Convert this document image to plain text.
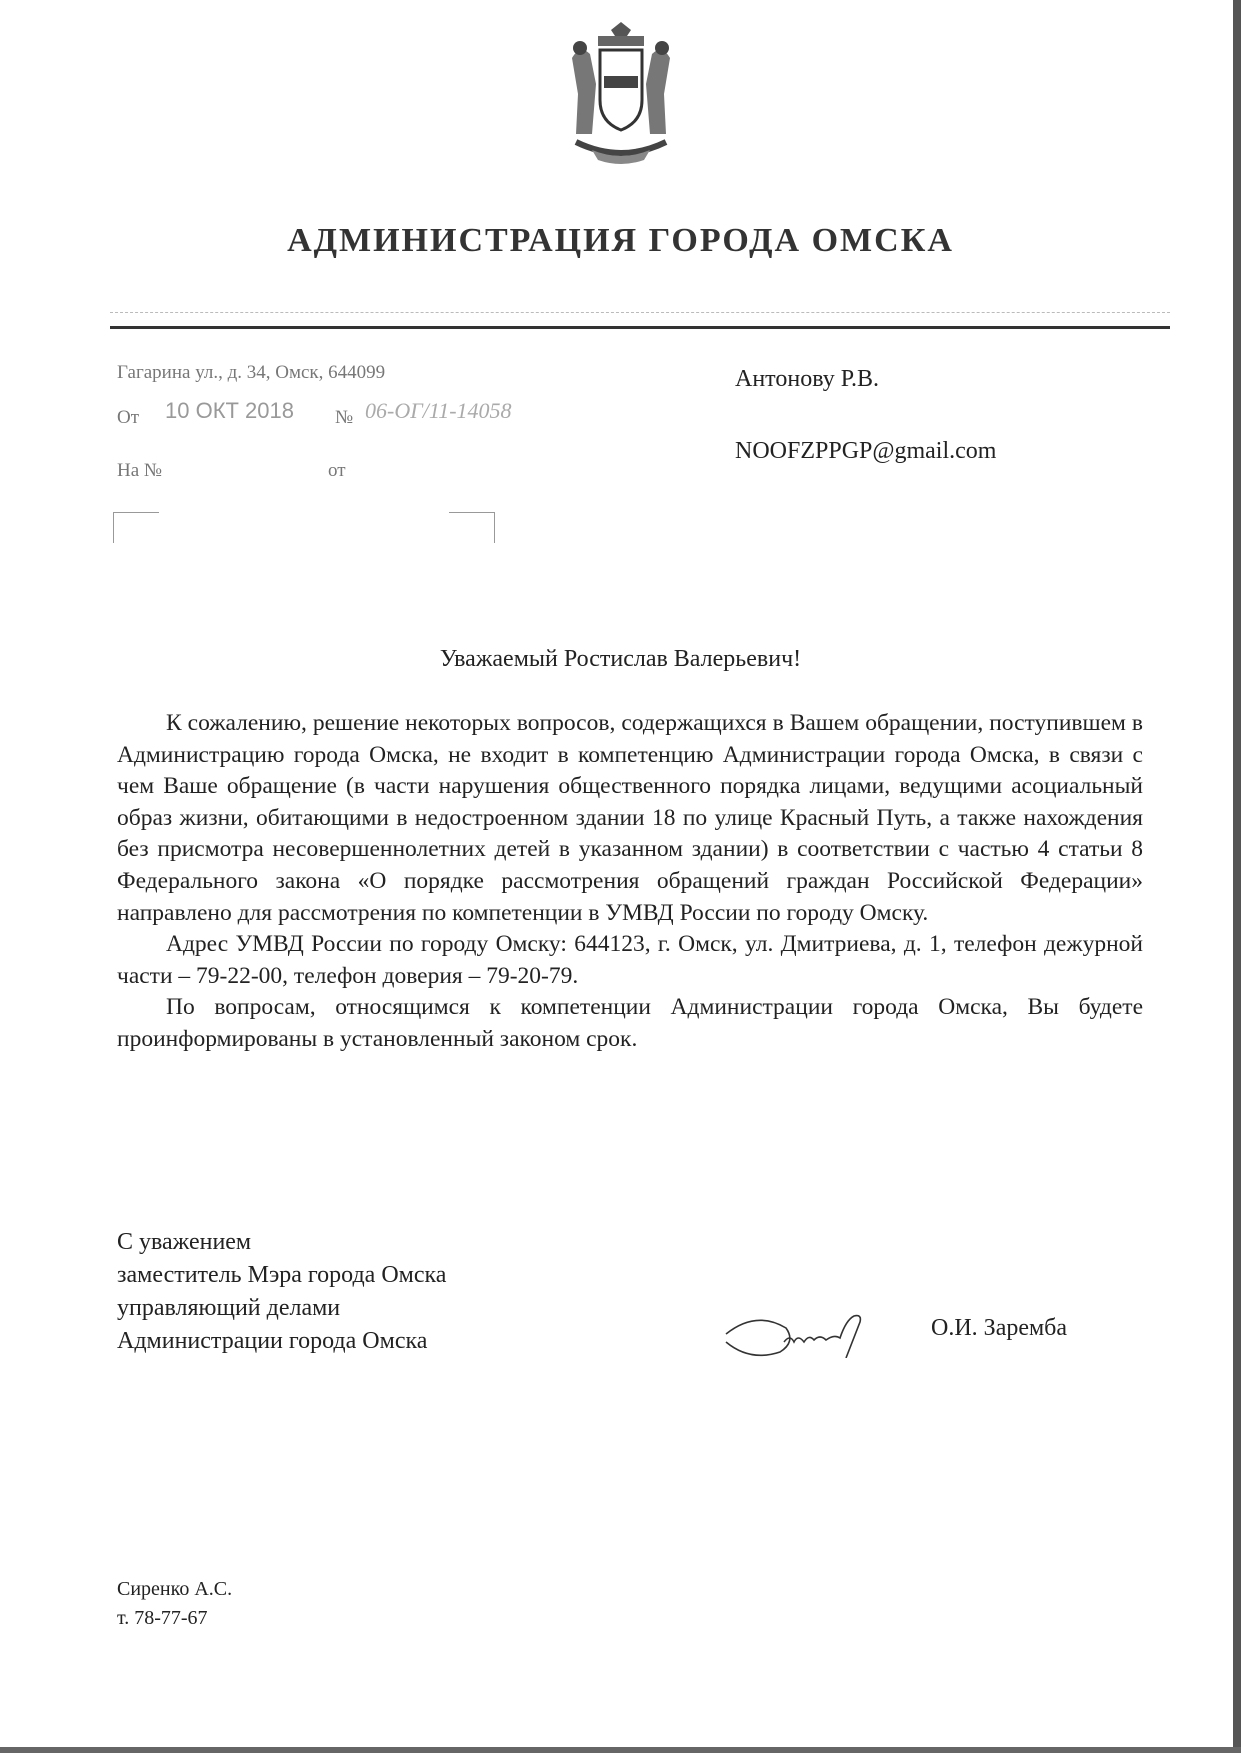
АДМИНИСТРАЦИЯ ГОРОДА ОМСКА
Гагарина ул., д. 34, Омск, 644099
От 10 ОКТ 2018 № 06-ОГ/11-14058
На №	от
Антонову Р.В.
NOOFZPPGP@gmail.com
Уважаемый Ростислав Валерьевич!

К сожалению, решение некоторых вопросов, содержащихся в Вашем обращении, поступившем в Администрацию города Омска, не входит в компетенцию Администрации города Омска, в связи с чем Ваше обращение (в части нарушения общественного порядка лицами, ведущими асоциальный образ жизни, обитающими в недостроенном здании 18 по улице Красный Путь, а также нахождения без присмотра несовершеннолетних детей в указанном здании) в соответствии с частью 4 статьи 8 Федерального закона «О порядке рассмотрения обращений граждан Российской Федерации» направлено для рассмотрения по компетенции в УМВД России по городу Омску.

Адрес УМВД России по городу Омску: 644123, г. Омск, ул. Дмитриева, д. 1, телефон дежурной части – 79-22-00, телефон доверия – 79-20-79.

По вопросам, относящимся к компетенции Администрации города Омска, Вы будете проинформированы в установленный законом срок.

С уважением
заместитель Мэра города Омска
управляющий делами
Администрации города Омска	О.И. Заремба
Сиренко А.С.
т. 78-77-67
